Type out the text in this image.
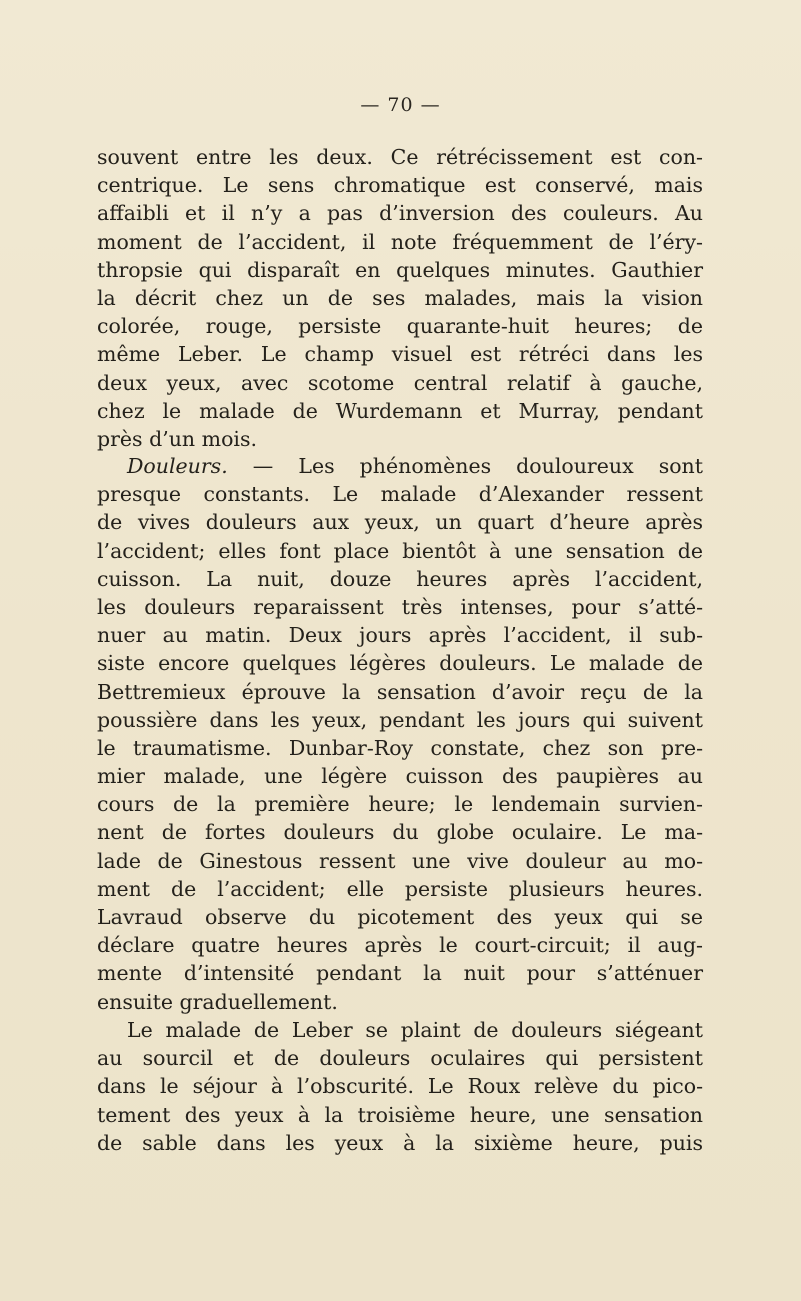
— 70 —
souvent entre les deux. Ce rétrécissement est con-
centrique. Le sens chromatique est conservé, mais
affaibli et il n’y a pas d’inversion des couleurs. Au
moment de l’accident, il note fréquemment de l’éry-
thropsie qui disparaît en quelques minutes. Gauthier
la décrit chez un de ses malades, mais la vision
colorée, rouge, persiste quarante-huit heures; de
même Leber. Le champ visuel est rétréci dans les
deux yeux, avec scotome central relatif à gauche,
chez le malade de Wurdemann et Murray, pendant
près d’un mois.
Douleurs. — Les phénomènes douloureux sont
presque constants. Le malade d’Alexander ressent
de vives douleurs aux yeux, un quart d’heure après
l’accident; elles font place bientôt à une sensation de
cuisson. La nuit, douze heures après l’accident,
les douleurs reparaissent très intenses, pour s’atté-
nuer au matin. Deux jours après l’accident, il sub-
siste encore quelques légères douleurs. Le malade de
Bettremieux éprouve la sensation d’avoir reçu de la
poussière dans les yeux, pendant les jours qui suivent
le traumatisme. Dunbar-Roy constate, chez son pre-
mier malade, une légère cuisson des paupières au
cours de la première heure; le lendemain survien-
nent de fortes douleurs du globe oculaire. Le ma-
lade de Ginestous ressent une vive douleur au mo-
ment de l’accident; elle persiste plusieurs heures.
Lavraud observe du picotement des yeux qui se
déclare quatre heures après le court-circuit; il aug-
mente d’intensité pendant la nuit pour s’atténuer
ensuite graduellement.
Le malade de Leber se plaint de douleurs siégeant
au sourcil et de douleurs oculaires qui persistent
dans le séjour à l’obscurité. Le Roux relève du pico-
tement des yeux à la troisième heure, une sensation
de sable dans les yeux à la sixième heure, puis
